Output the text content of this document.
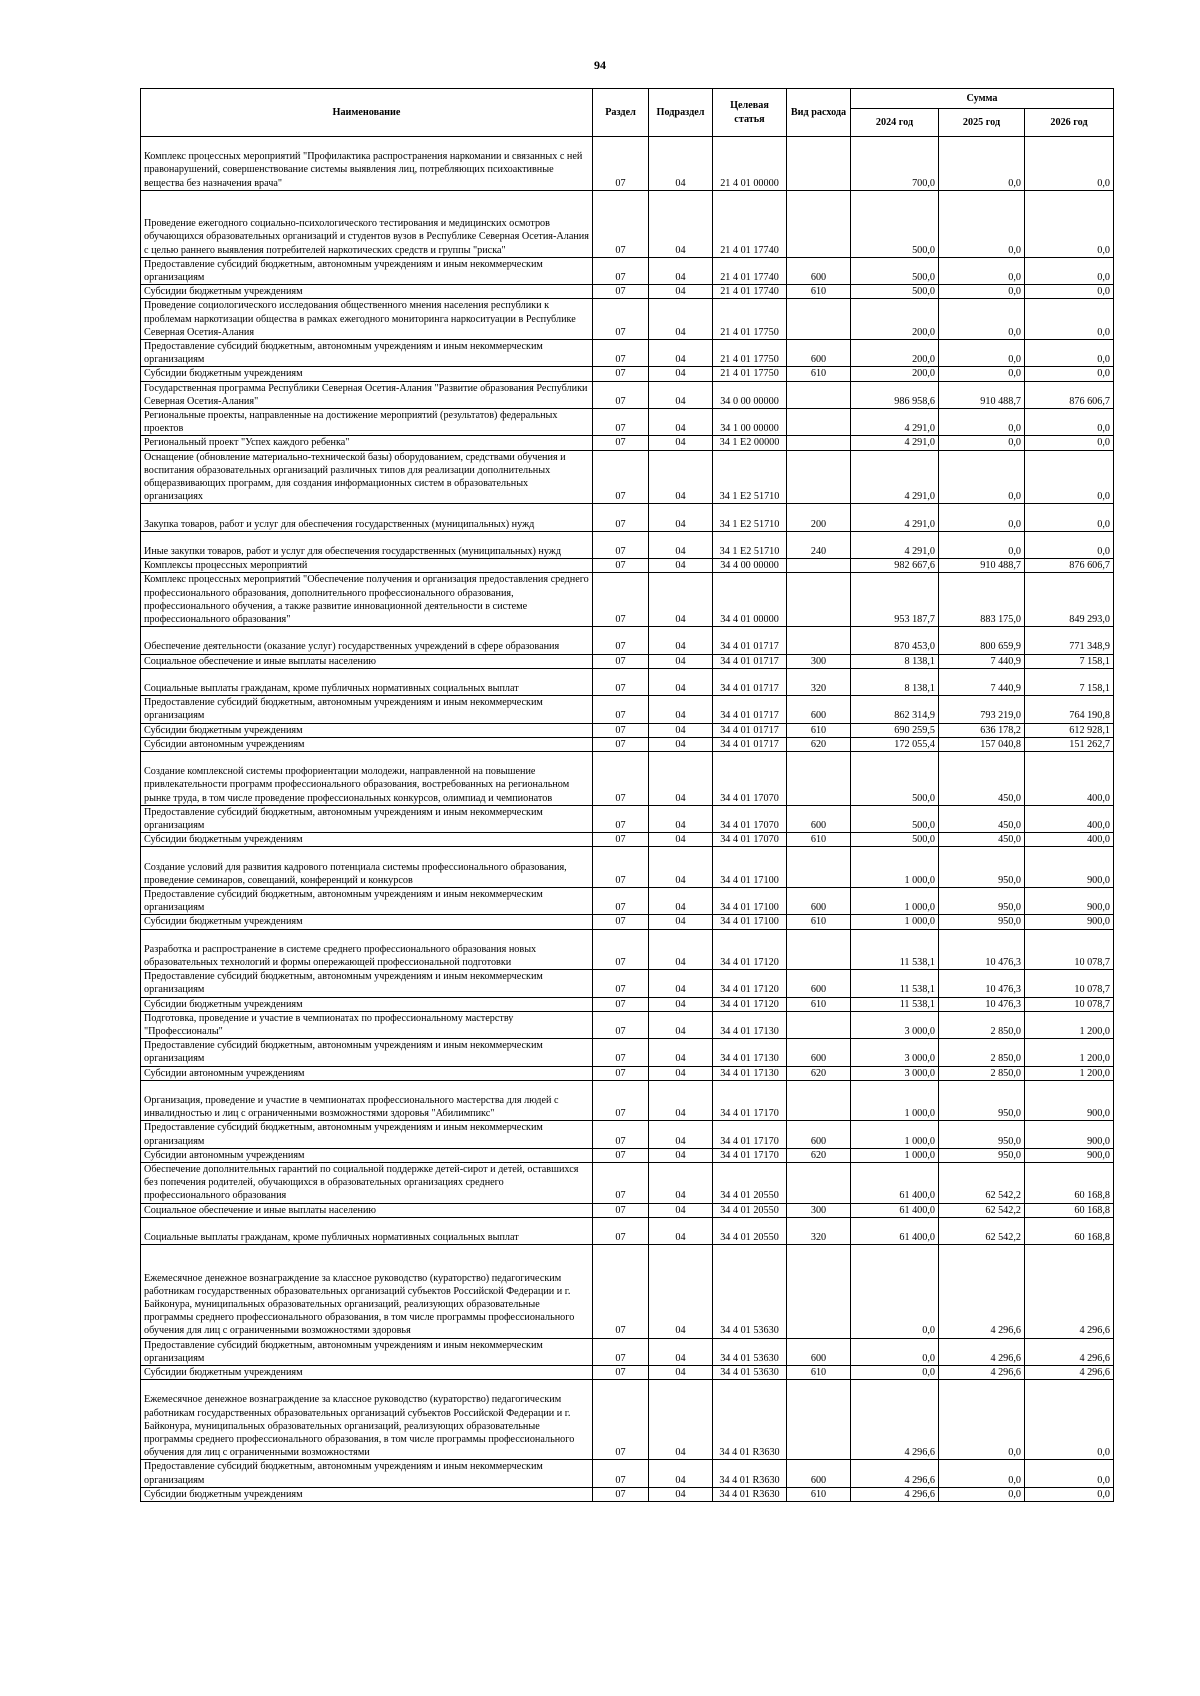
94
Наименование	Раздел	Подраздел	Целевая статья	Вид расхода	Сумма		
					2024 год	2025 год	2026 год
Комплекс процессных мероприятий "Профилактика распространения наркомании и связанных с ней правонарушений, совершенствование системы выявления лиц, потребляющих психоактивные вещества без назначения врача"	07	04	21 4 01 00000		700,0	0,0	0,0
Проведение ежегодного социально-психологического тестирования и медицинских осмотров обучающихся образовательных организаций и студентов вузов в Республике Северная Осетия-Алания с целью раннего выявления потребителей наркотических средств и группы "риска"	07	04	21 4 01 17740		500,0	0,0	0,0
Предоставление субсидий бюджетным, автономным учреждениям и иным некоммерческим организациям	07	04	21 4 01 17740	600	500,0	0,0	0,0
Субсидии бюджетным учреждениям	07	04	21 4 01 17740	610	500,0	0,0	0,0
Проведение социологического исследования общественного мнения населения республики к проблемам наркотизации общества в рамках ежегодного мониторинга наркоситуации в Республике Северная Осетия-Алания	07	04	21 4 01 17750		200,0	0,0	0,0
Предоставление субсидий бюджетным, автономным учреждениям и иным некоммерческим организациям	07	04	21 4 01 17750	600	200,0	0,0	0,0
Субсидии бюджетным учреждениям	07	04	21 4 01 17750	610	200,0	0,0	0,0
Государственная программа Республики Северная Осетия-Алания "Развитие образования Республики Северная Осетия-Алания"	07	04	34 0 00 00000		986 958,6	910 488,7	876 606,7
Региональные проекты, направленные на достижение мероприятий (результатов) федеральных проектов	07	04	34 1 00 00000		4 291,0	0,0	0,0
Региональный проект "Успех каждого ребенка"	07	04	34 1 E2 00000		4 291,0	0,0	0,0
Оснащение (обновление материально-технической базы) оборудованием, средствами обучения и воспитания образовательных организаций различных типов для реализации дополнительных общеразвивающих программ, для создания информационных систем в образовательных организациях	07	04	34 1 E2 51710		4 291,0	0,0	0,0
Закупка товаров, работ и услуг для обеспечения государственных (муниципальных) нужд	07	04	34 1 E2 51710	200	4 291,0	0,0	0,0
Иные закупки товаров, работ и услуг для обеспечения государственных (муниципальных) нужд	07	04	34 1 E2 51710	240	4 291,0	0,0	0,0
Комплексы процессных мероприятий	07	04	34 4 00 00000		982 667,6	910 488,7	876 606,7
Комплекс процессных мероприятий "Обеспечение получения и организация предоставления среднего профессионального образования, дополнительного профессионального образования, профессионального обучения, а также развитие инновационной деятельности в системе профессионального образования"	07	04	34 4 01 00000		953 187,7	883 175,0	849 293,0
Обеспечение деятельности (оказание услуг) государственных учреждений в сфере образования	07	04	34 4 01 01717		870 453,0	800 659,9	771 348,9
Социальное обеспечение и иные выплаты населению	07	04	34 4 01 01717	300	8 138,1	7 440,9	7 158,1
Социальные выплаты гражданам, кроме публичных нормативных социальных выплат	07	04	34 4 01 01717	320	8 138,1	7 440,9	7 158,1
Предоставление субсидий бюджетным, автономным учреждениям и иным некоммерческим организациям	07	04	34 4 01 01717	600	862 314,9	793 219,0	764 190,8
Субсидии бюджетным учреждениям	07	04	34 4 01 01717	610	690 259,5	636 178,2	612 928,1
Субсидии автономным учреждениям	07	04	34 4 01 01717	620	172 055,4	157 040,8	151 262,7
Создание комплексной системы профориентации молодежи, направленной на повышение привлекательности программ профессионального образования, востребованных на региональном рынке труда, в том числе проведение профессиональных конкурсов, олимпиад и чемпионатов	07	04	34 4 01 17070		500,0	450,0	400,0
Предоставление субсидий бюджетным, автономным учреждениям и иным некоммерческим организациям	07	04	34 4 01 17070	600	500,0	450,0	400,0
Субсидии бюджетным учреждениям	07	04	34 4 01 17070	610	500,0	450,0	400,0
Создание условий для развития кадрового потенциала системы профессионального образования, проведение семинаров, совещаний, конференций и конкурсов	07	04	34 4 01 17100		1 000,0	950,0	900,0
Предоставление субсидий бюджетным, автономным учреждениям и иным некоммерческим организациям	07	04	34 4 01 17100	600	1 000,0	950,0	900,0
Субсидии бюджетным учреждениям	07	04	34 4 01 17100	610	1 000,0	950,0	900,0
Разработка и распространение в системе среднего профессионального образования новых образовательных технологий и формы опережающей профессиональной подготовки	07	04	34 4 01 17120		11 538,1	10 476,3	10 078,7
Предоставление субсидий бюджетным, автономным учреждениям и иным некоммерческим организациям	07	04	34 4 01 17120	600	11 538,1	10 476,3	10 078,7
Субсидии бюджетным учреждениям	07	04	34 4 01 17120	610	11 538,1	10 476,3	10 078,7
Подготовка, проведение и участие в чемпионатах по профессиональному мастерству "Профессионалы"	07	04	34 4 01 17130		3 000,0	2 850,0	1 200,0
Предоставление субсидий бюджетным, автономным учреждениям и иным некоммерческим организациям	07	04	34 4 01 17130	600	3 000,0	2 850,0	1 200,0
Субсидии автономным учреждениям	07	04	34 4 01 17130	620	3 000,0	2 850,0	1 200,0
Организация, проведение и участие в чемпионатах профессионального мастерства для людей с инвалидностью и лиц с ограниченными возможностями здоровья "Абилимпикс"	07	04	34 4 01 17170		1 000,0	950,0	900,0
Предоставление субсидий бюджетным, автономным учреждениям и иным некоммерческим организациям	07	04	34 4 01 17170	600	1 000,0	950,0	900,0
Субсидии автономным учреждениям	07	04	34 4 01 17170	620	1 000,0	950,0	900,0
Обеспечение дополнительных гарантий по социальной поддержке детей-сирот и детей, оставшихся без попечения родителей, обучающихся в образовательных организациях среднего профессионального образования	07	04	34 4 01 20550		61 400,0	62 542,2	60 168,8
Социальное обеспечение и иные выплаты населению	07	04	34 4 01 20550	300	61 400,0	62 542,2	60 168,8
Социальные выплаты гражданам, кроме публичных нормативных социальных выплат	07	04	34 4 01 20550	320	61 400,0	62 542,2	60 168,8
Ежемесячное денежное вознаграждение за классное руководство (кураторство) педагогическим работникам государственных образовательных организаций субъектов Российской Федерации и г. Байконура, муниципальных образовательных организаций, реализующих образовательные программы среднего профессионального образования, в том числе программы профессионального обучения для лиц с ограниченными возможностями здоровья	07	04	34 4 01 53630		0,0	4 296,6	4 296,6
Предоставление субсидий бюджетным, автономным учреждениям и иным некоммерческим организациям	07	04	34 4 01 53630	600	0,0	4 296,6	4 296,6
Субсидии бюджетным учреждениям	07	04	34 4 01 53630	610	0,0	4 296,6	4 296,6
Ежемесячное денежное вознаграждение за классное руководство (кураторство) педагогическим работникам государственных образовательных организаций субъектов Российской Федерации и г. Байконура, муниципальных образовательных организаций, реализующих образовательные программы среднего профессионального образования, в том числе программы профессионального обучения для лиц с ограниченными возможностями	07	04	34 4 01 R3630		4 296,6	0,0	0,0
Предоставление субсидий бюджетным, автономным учреждениям и иным некоммерческим организациям	07	04	34 4 01 R3630	600	4 296,6	0,0	0,0
Субсидии бюджетным учреждениям	07	04	34 4 01 R3630	610	4 296,6	0,0	0,0
